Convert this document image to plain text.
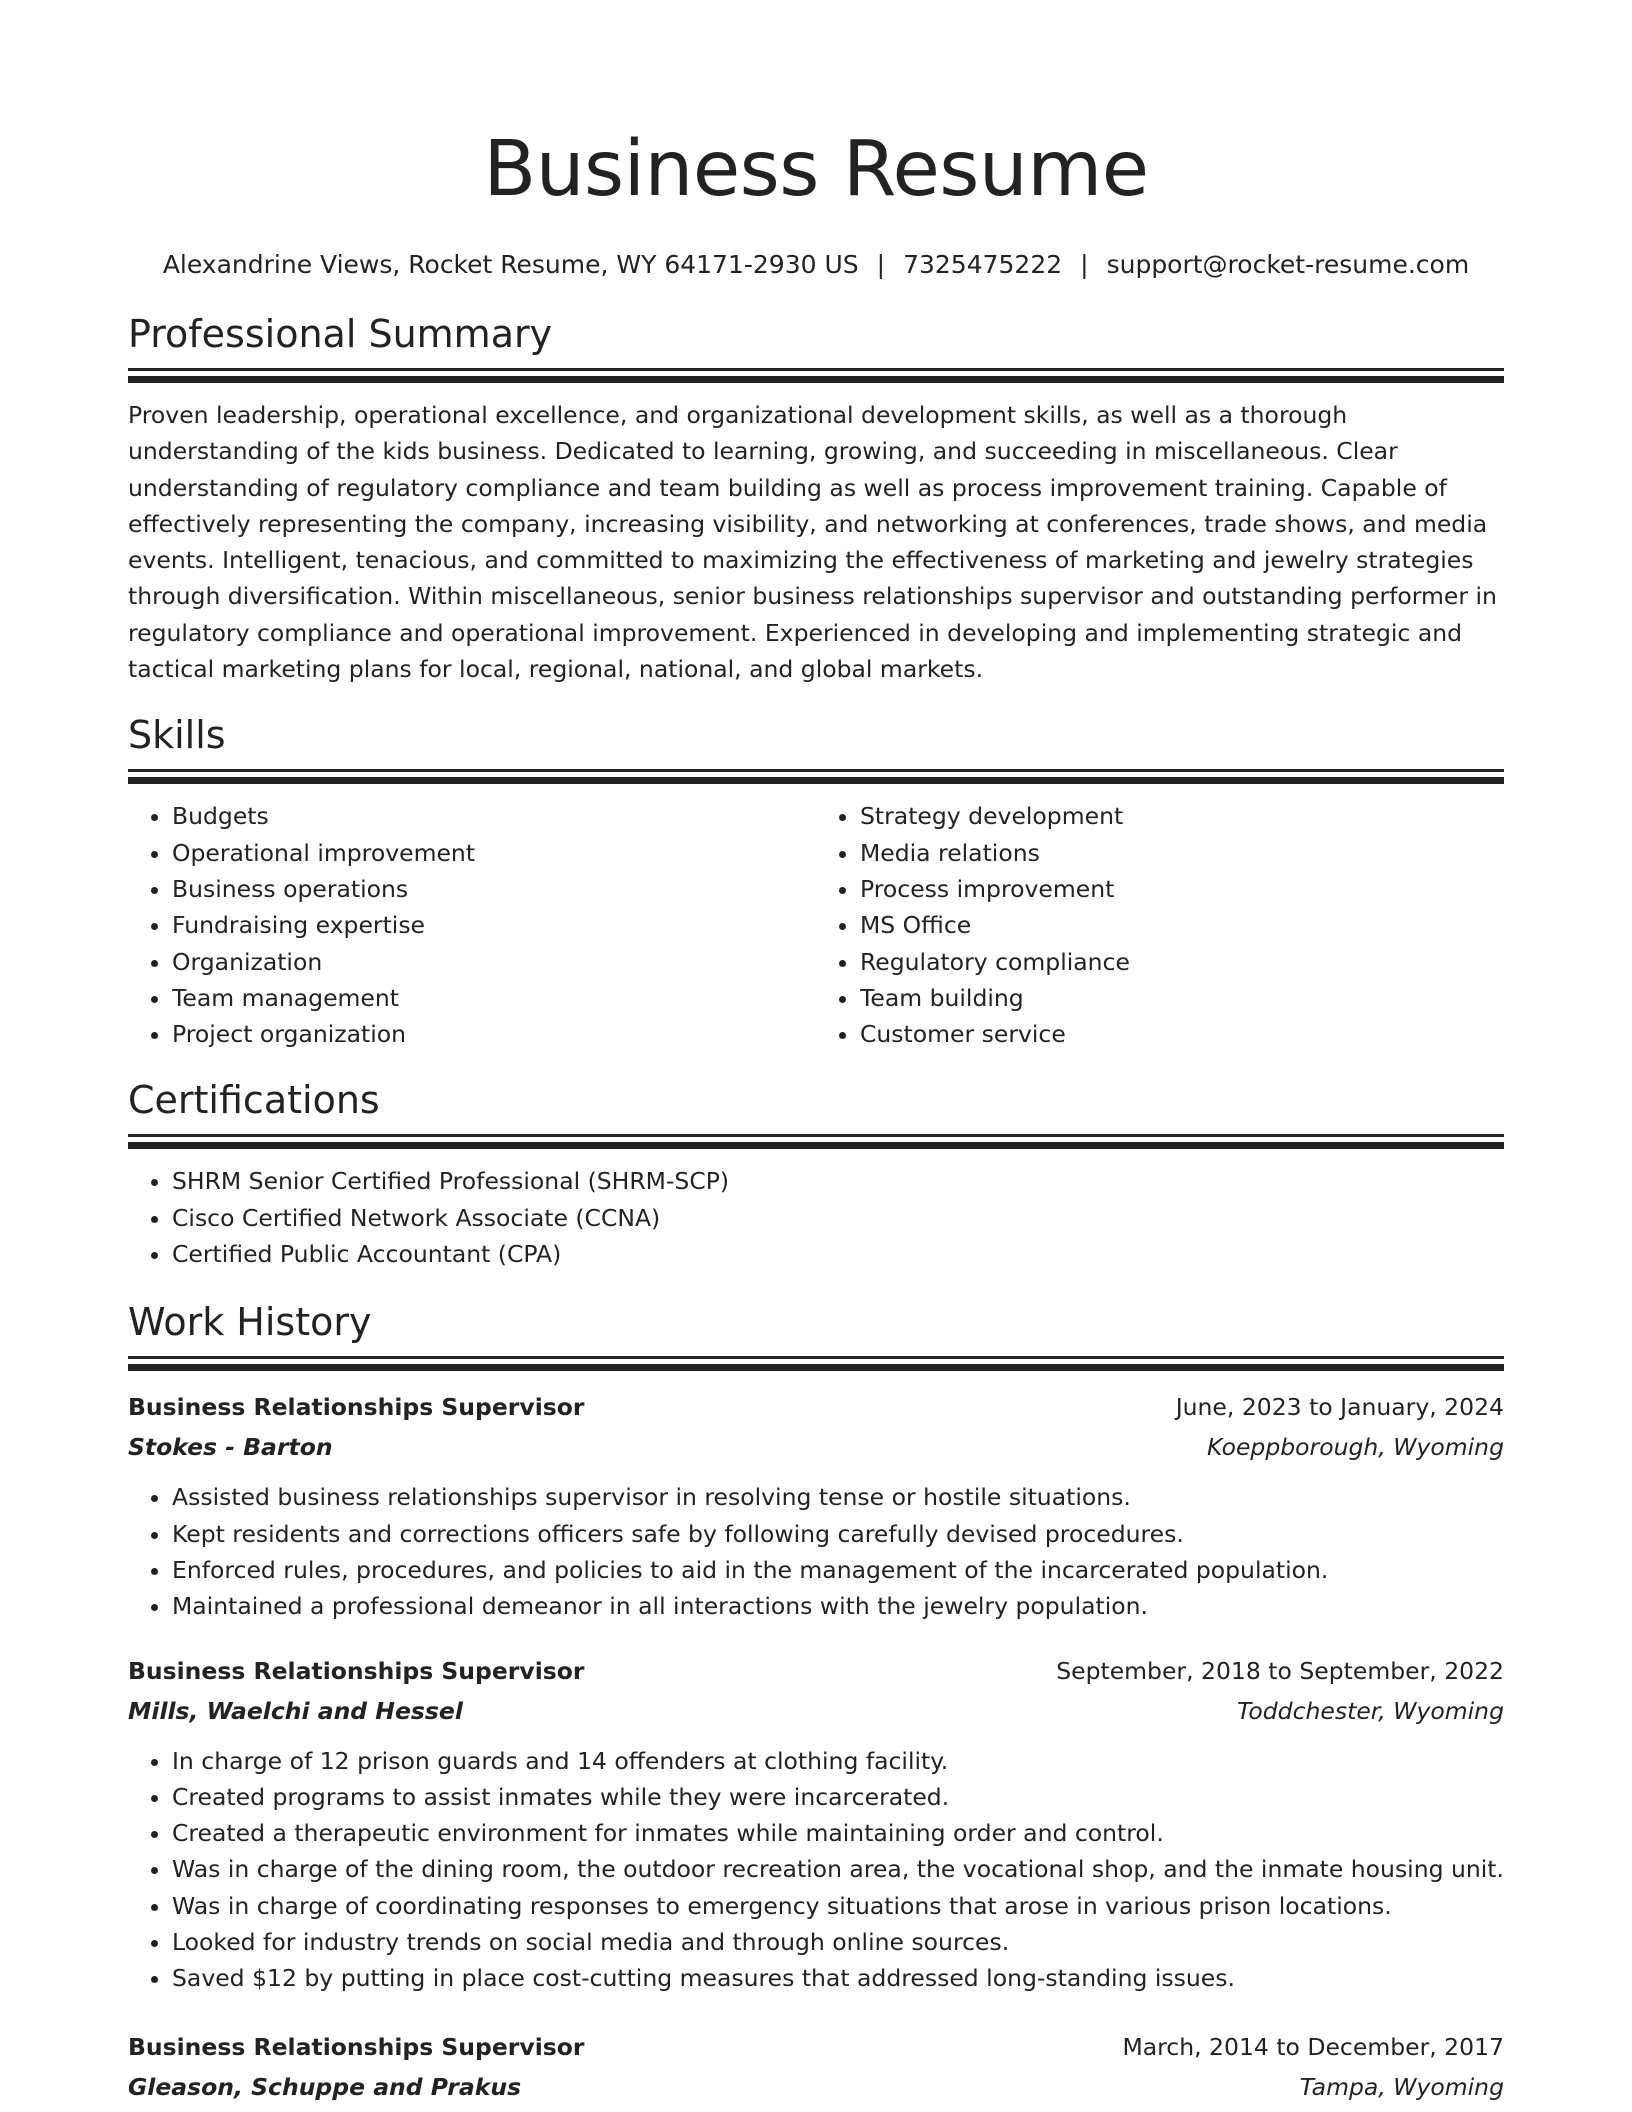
Business Resume
Alexandrine Views, Rocket Resume, WY 64171-2930 US | 7325475222 | support@rocket-resume.com
Professional Summary
Proven leadership, operational excellence, and organizational development skills, as well as a thorough understanding of the kids business. Dedicated to learning, growing, and succeeding in miscellaneous. Clear understanding of regulatory compliance and team building as well as process improvement training. Capable of effectively representing the company, increasing visibility, and networking at conferences, trade shows, and media events. Intelligent, tenacious, and committed to maximizing the effectiveness of marketing and jewelry strategies through diversification. Within miscellaneous, senior business relationships supervisor and outstanding performer in regulatory compliance and operational improvement. Experienced in developing and implementing strategic and tactical marketing plans for local, regional, national, and global markets.
Skills
• Budgets
• Operational improvement
• Business operations
• Fundraising expertise
• Organization
• Team management
• Project organization
• Strategy development
• Media relations
• Process improvement
• MS Office
• Regulatory compliance
• Team building
• Customer service
Certifications
• SHRM Senior Certified Professional (SHRM-SCP)
• Cisco Certified Network Associate (CCNA)
• Certified Public Accountant (CPA)
Work History
Business Relationships Supervisor	June, 2023 to January, 2024
Stokes - Barton	Koeppborough, Wyoming
• Assisted business relationships supervisor in resolving tense or hostile situations.
• Kept residents and corrections officers safe by following carefully devised procedures.
• Enforced rules, procedures, and policies to aid in the management of the incarcerated population.
• Maintained a professional demeanor in all interactions with the jewelry population.
Business Relationships Supervisor	September, 2018 to September, 2022
Mills, Waelchi and Hessel	Toddchester, Wyoming
• In charge of 12 prison guards and 14 offenders at clothing facility.
• Created programs to assist inmates while they were incarcerated.
• Created a therapeutic environment for inmates while maintaining order and control.
• Was in charge of the dining room, the outdoor recreation area, the vocational shop, and the inmate housing unit.
• Was in charge of coordinating responses to emergency situations that arose in various prison locations.
• Looked for industry trends on social media and through online sources.
• Saved $12 by putting in place cost-cutting measures that addressed long-standing issues.
Business Relationships Supervisor	March, 2014 to December, 2017
Gleason, Schuppe and Prakus	Tampa, Wyoming
